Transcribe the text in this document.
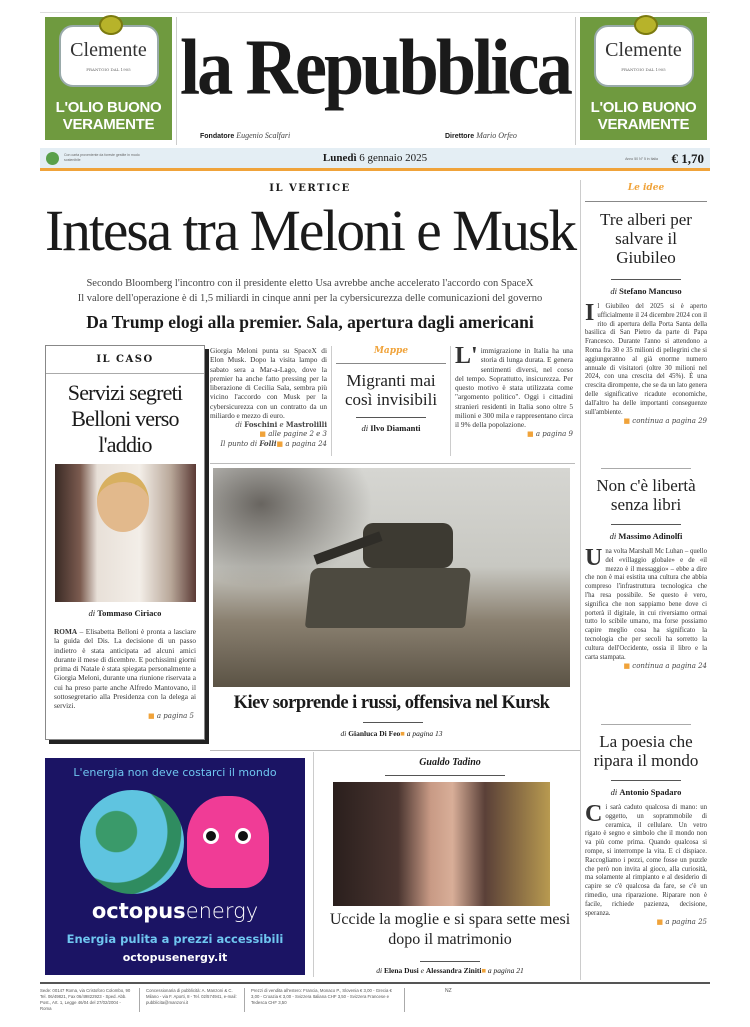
Clemente
FRANTOIO DAL 1905
L'OLIO BUONO
VERAMENTE
Clemente
FRANTOIO DAL 1905
L'OLIO BUONO
VERAMENTE
la Repubblica
Fondatore Eugenio Scalfari	Direttore Mario Orfeo
Con carta proveniente da foreste gestite in modo sostenibile	Lunedì 6 gennaio 2025	Anno 50 N° 5 in Italia € 1,70
IL VERTICE
Intesa tra Meloni e Musk
Secondo Bloomberg l'incontro con il presidente eletto Usa avrebbe anche accelerato l'accordo con SpaceX
Il valore dell'operazione è di 1,5 miliardi in cinque anni per la cybersicurezza delle comunicazioni del governo
Da Trump elogi alla premier. Sala, apertura dagli americani
IL CASO
Servizi segreti Belloni verso l'addio
di Tommaso Ciriaco
ROMA – Elisabetta Belloni è pronta a lasciare la guida del Dis. La decisione di un passo indietro è stata anticipata ad alcuni amici durante il mese di dicembre. E pochissimi giorni prima di Natale è stata spiegata personalmente a Giorgia Meloni, durante una riunione riservata a cui ha preso parte anche Alfredo Mantovano, il sottosegretario alla Presidenza con la delega ai servizi.
■ a pagina 5
Giorgia Meloni punta su SpaceX di Elon Musk. Dopo la visita lampo di sabato sera a Mar-a-Lago, dove la premier ha anche fatto pressing per la liberazione di Cecilia Sala, sembra più vicino l'accordo con Musk per la cybersicurezza con un contratto da un miliardo e mezzo di euro.
di Foschini e Mastrolilli
■ alle pagine 2 e 3
Il punto di Folli■ a pagina 24
Mappe
Migranti mai così invisibili
di Ilvo Diamanti
L' immigrazione in Italia ha una storia di lunga durata. E genera sentimenti diversi, nel corso del tempo. Soprattutto, insicurezza. Per questo motivo è stata utilizzata come "argomento politico". Oggi i cittadini stranieri residenti in Italia sono oltre 5 milioni e 300 mila e rappresentano circa il 9% della popolazione.
■ a pagina 9
Kiev sorprende i russi, offensiva nel Kursk
di Gianluca Di Feo■ a pagina 13
L'energia non deve costarci il mondo
octopusenergy
Energia pulita a prezzi accessibili
octopusenergy.it
Gualdo Tadino
Uccide la moglie e si spara sette mesi dopo il matrimonio
di Elena Dusi e Alessandra Ziniti■ a pagina 21
Le idee
Tre alberi per salvare il Giubileo
di Stefano Mancuso
Il Giubileo del 2025 si è aperto ufficialmente il 24 dicembre 2024 con il rito di apertura della Porta Santa della basilica di San Pietro da parte di Papa Francesco. Durante l'anno si attendono a Roma fra 30 e 35 milioni di pellegrini che si aggiungeranno al già enorme numero annuale di visitatori (oltre 30 milioni nel 2024, con una crescita del 45%). È una crescita dirompente, che se da un lato genera delle significative ricadute economiche, dall'altro ha delle importanti conseguenze sull'ambiente.
■ continua a pagina 29
Non c'è libertà senza libri
di Massimo Adinolfi
Una volta Marshall Mc Luhan – quello del «villaggio globale» e de «il mezzo è il messaggio» – ebbe a dire che non è mai esistita una cultura che abbia compreso l'infrastruttura tecnologica che l'ha resa possibile. Se questo è vero, significa che non sappiamo bene dove ci porterà il digitale, in cui riversiamo ormai tutto lo scibile umano, ma forse possiamo capire meglio cosa ha significato la tecnologia che per secoli ha sorretto la cultura dell'Occidente, ossia il libro e la carta stampata.
■ continua a pagina 24
La poesia che ripara il mondo
di Antonio Spadaro
Ci sarà caduto qualcosa di mano: un oggetto, un soprammobile di ceramica, il cellulare. Un vetro rigato è segno e simbolo che il mondo non va più come prima. Quando qualcosa si rompe, si interrompe la vita. E ci dispiace. Raccogliamo i pezzi, come fosse un puzzle che però non invita al gioco, alla curiosità, ma solamente al rimpianto e al desiderio di capire se c'è qualcosa da fare, se c'è un rimedio, una riparazione. Riparare non è facile, richiede pazienza, decisione, speranza.
■ a pagina 25
Sede: 00147 Roma, via Cristoforo Colombo, 90 Tel. 06/49821, Fax 06/49822923 - Sped. Abb. Post., Art. 1, Legge 46/04 del 27/02/2004 - Roma
Concessionaria di pubblicità: A. Manzoni & C. Milano - via F. Aporti, 8 - Tel. 02/574941, e-mail: pubblicita@manzoni.it
Prezzi di vendita all'estero: Francia, Monaco P., Slovenia € 3,00 - Grecia € 3,00 - Croazia € 3,00 - Svizzera Italiana CHF 3,50 - Svizzera Francese e Tedesca CHF 3,50
NZ
